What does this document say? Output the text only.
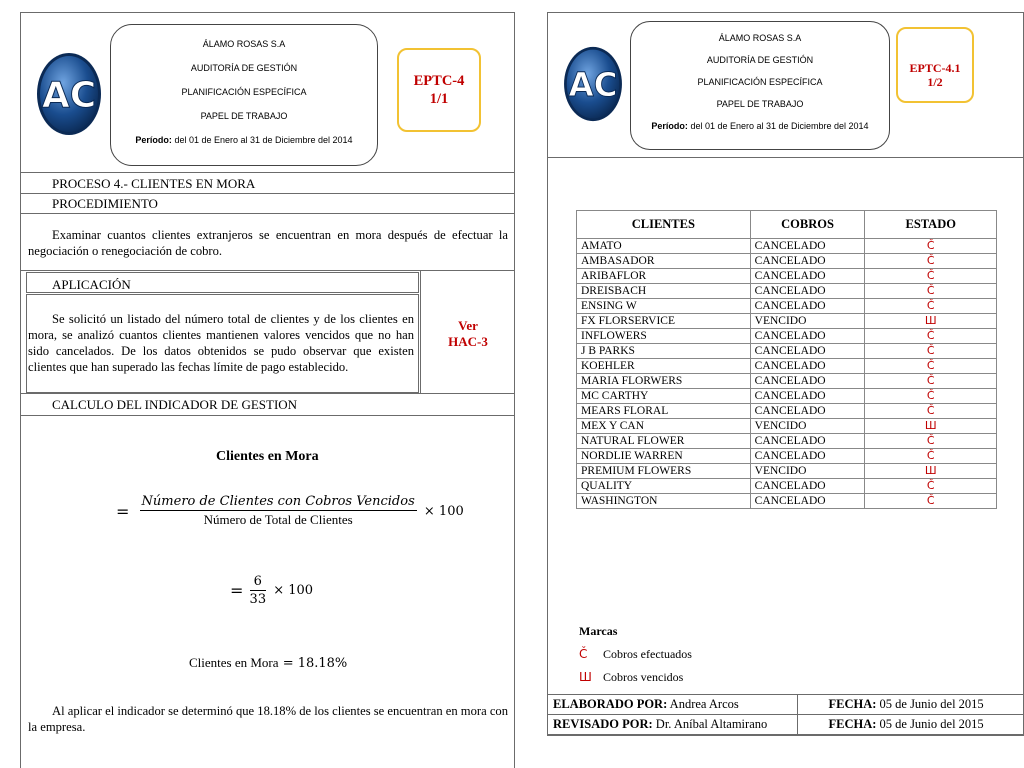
AC
ÁLAMO ROSAS S.A
AUDITORÍA DE GESTIÓN
PLANIFICACIÓN ESPECÍFICA
PAPEL DE TRABAJO
Período: del 01 de Enero al 31 de Diciembre del 2014
EPTC-4
1/1
PROCESO 4.- CLIENTES EN MORA
PROCEDIMIENTO
Examinar cuantos clientes extranjeros se encuentran en mora después de efectuar la negociación o renegociación de cobro.
APLICACIÓN
Se solicitó un listado del número total de clientes y de los clientes en mora, se analizó cuantos clientes mantienen valores vencidos que no han sido cancelados. De los datos obtenidos se pudo observar que existen clientes que han superado las fechas límite de pago establecido.
Ver
HAC-3
CALCULO DEL INDICADOR DE GESTION
Clientes en Mora
= $\frac{\text{Número de Clientes con Cobros Vencidos}}{\text{Número de Total de Clientes}} \times 100$
= $\frac{6}{33} \times 100$
Clientes en Mora = 18.18%
Al aplicar el indicador se determinó que 18.18% de los clientes se encuentran en mora con la empresa.
AC
ÁLAMO ROSAS S.A
AUDITORÍA DE GESTIÓN
PLANIFICACIÓN ESPECÍFICA
PAPEL DE TRABAJO
Período: del 01 de Enero al 31 de Diciembre del 2014
EPTC-4.1
1/2
CLIENTES	COBROS	ESTADO
AMATO	CANCELADO	Č
AMBASADOR	CANCELADO	Č
ARIBAFLOR	CANCELADO	Č
DREISBACH	CANCELADO	Č
ENSING W	CANCELADO	Č
FX FLORSERVICE	VENCIDO	Ш
INFLOWERS	CANCELADO	Č
J B PARKS	CANCELADO	Č
KOEHLER	CANCELADO	Č
MARIA FLORWERS	CANCELADO	Č
MC CARTHY	CANCELADO	Č
MEARS FLORAL	CANCELADO	Č
MEX Y CAN	VENCIDO	Ш
NATURAL FLOWER	CANCELADO	Č
NORDLIE WARREN	CANCELADO	Č
PREMIUM FLOWERS	VENCIDO	Ш
QUALITY	CANCELADO	Č
WASHINGTON	CANCELADO	Č
Marcas
Č Cobros efectuados
Ш Cobros vencidos
ELABORADO POR: Andrea Arcos	FECHA: 05 de Junio del 2015
REVISADO POR: Dr. Aníbal Altamirano	FECHA: 05 de Junio del 2015
